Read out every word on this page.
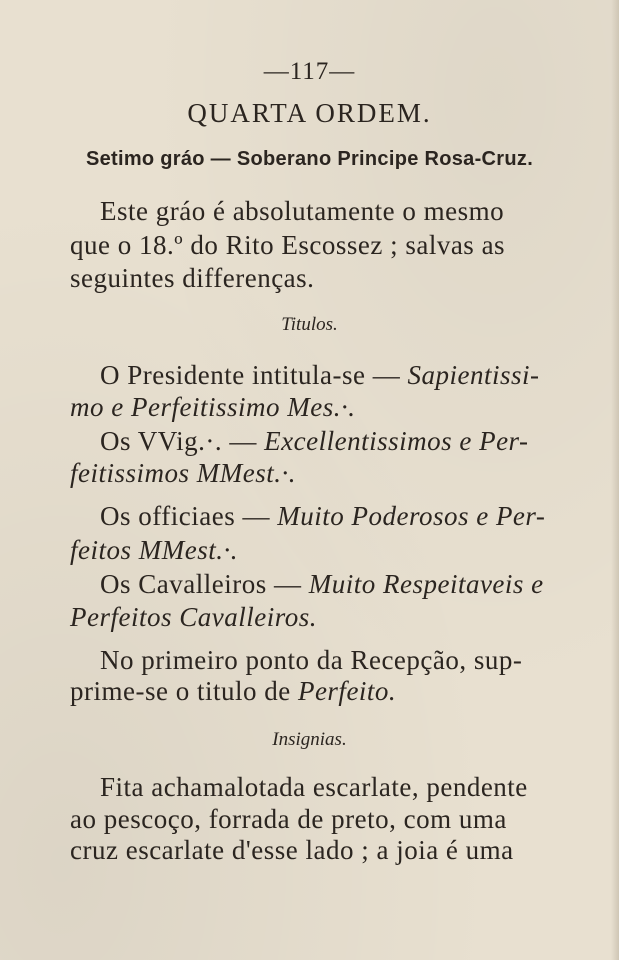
—117—
QUARTA ORDEM.
Setimo gráo — Soberano Principe Rosa-Cruz.
Este gráo é absolutamente o mesmo
que o 18.º do Rito Escossez ; salvas as
seguintes differenças.
Titulos.
O Presidente intitula-se — Sapientissi-
mo e Perfeitissimo Mes.·.
Os VVig.·. — Excellentissimos e Per-
feitissimos MMest.·.
Os officiaes — Muito Poderosos e Per-
feitos MMest.·.
Os Cavalleiros — Muito Respeitaveis e
Perfeitos Cavalleiros.
No primeiro ponto da Recepção, sup-
prime-se o titulo de Perfeito.
Insignias.
Fita achamalotada escarlate, pendente
ao pescoço, forrada de preto, com uma
cruz escarlate d'esse lado ; a joia é uma
